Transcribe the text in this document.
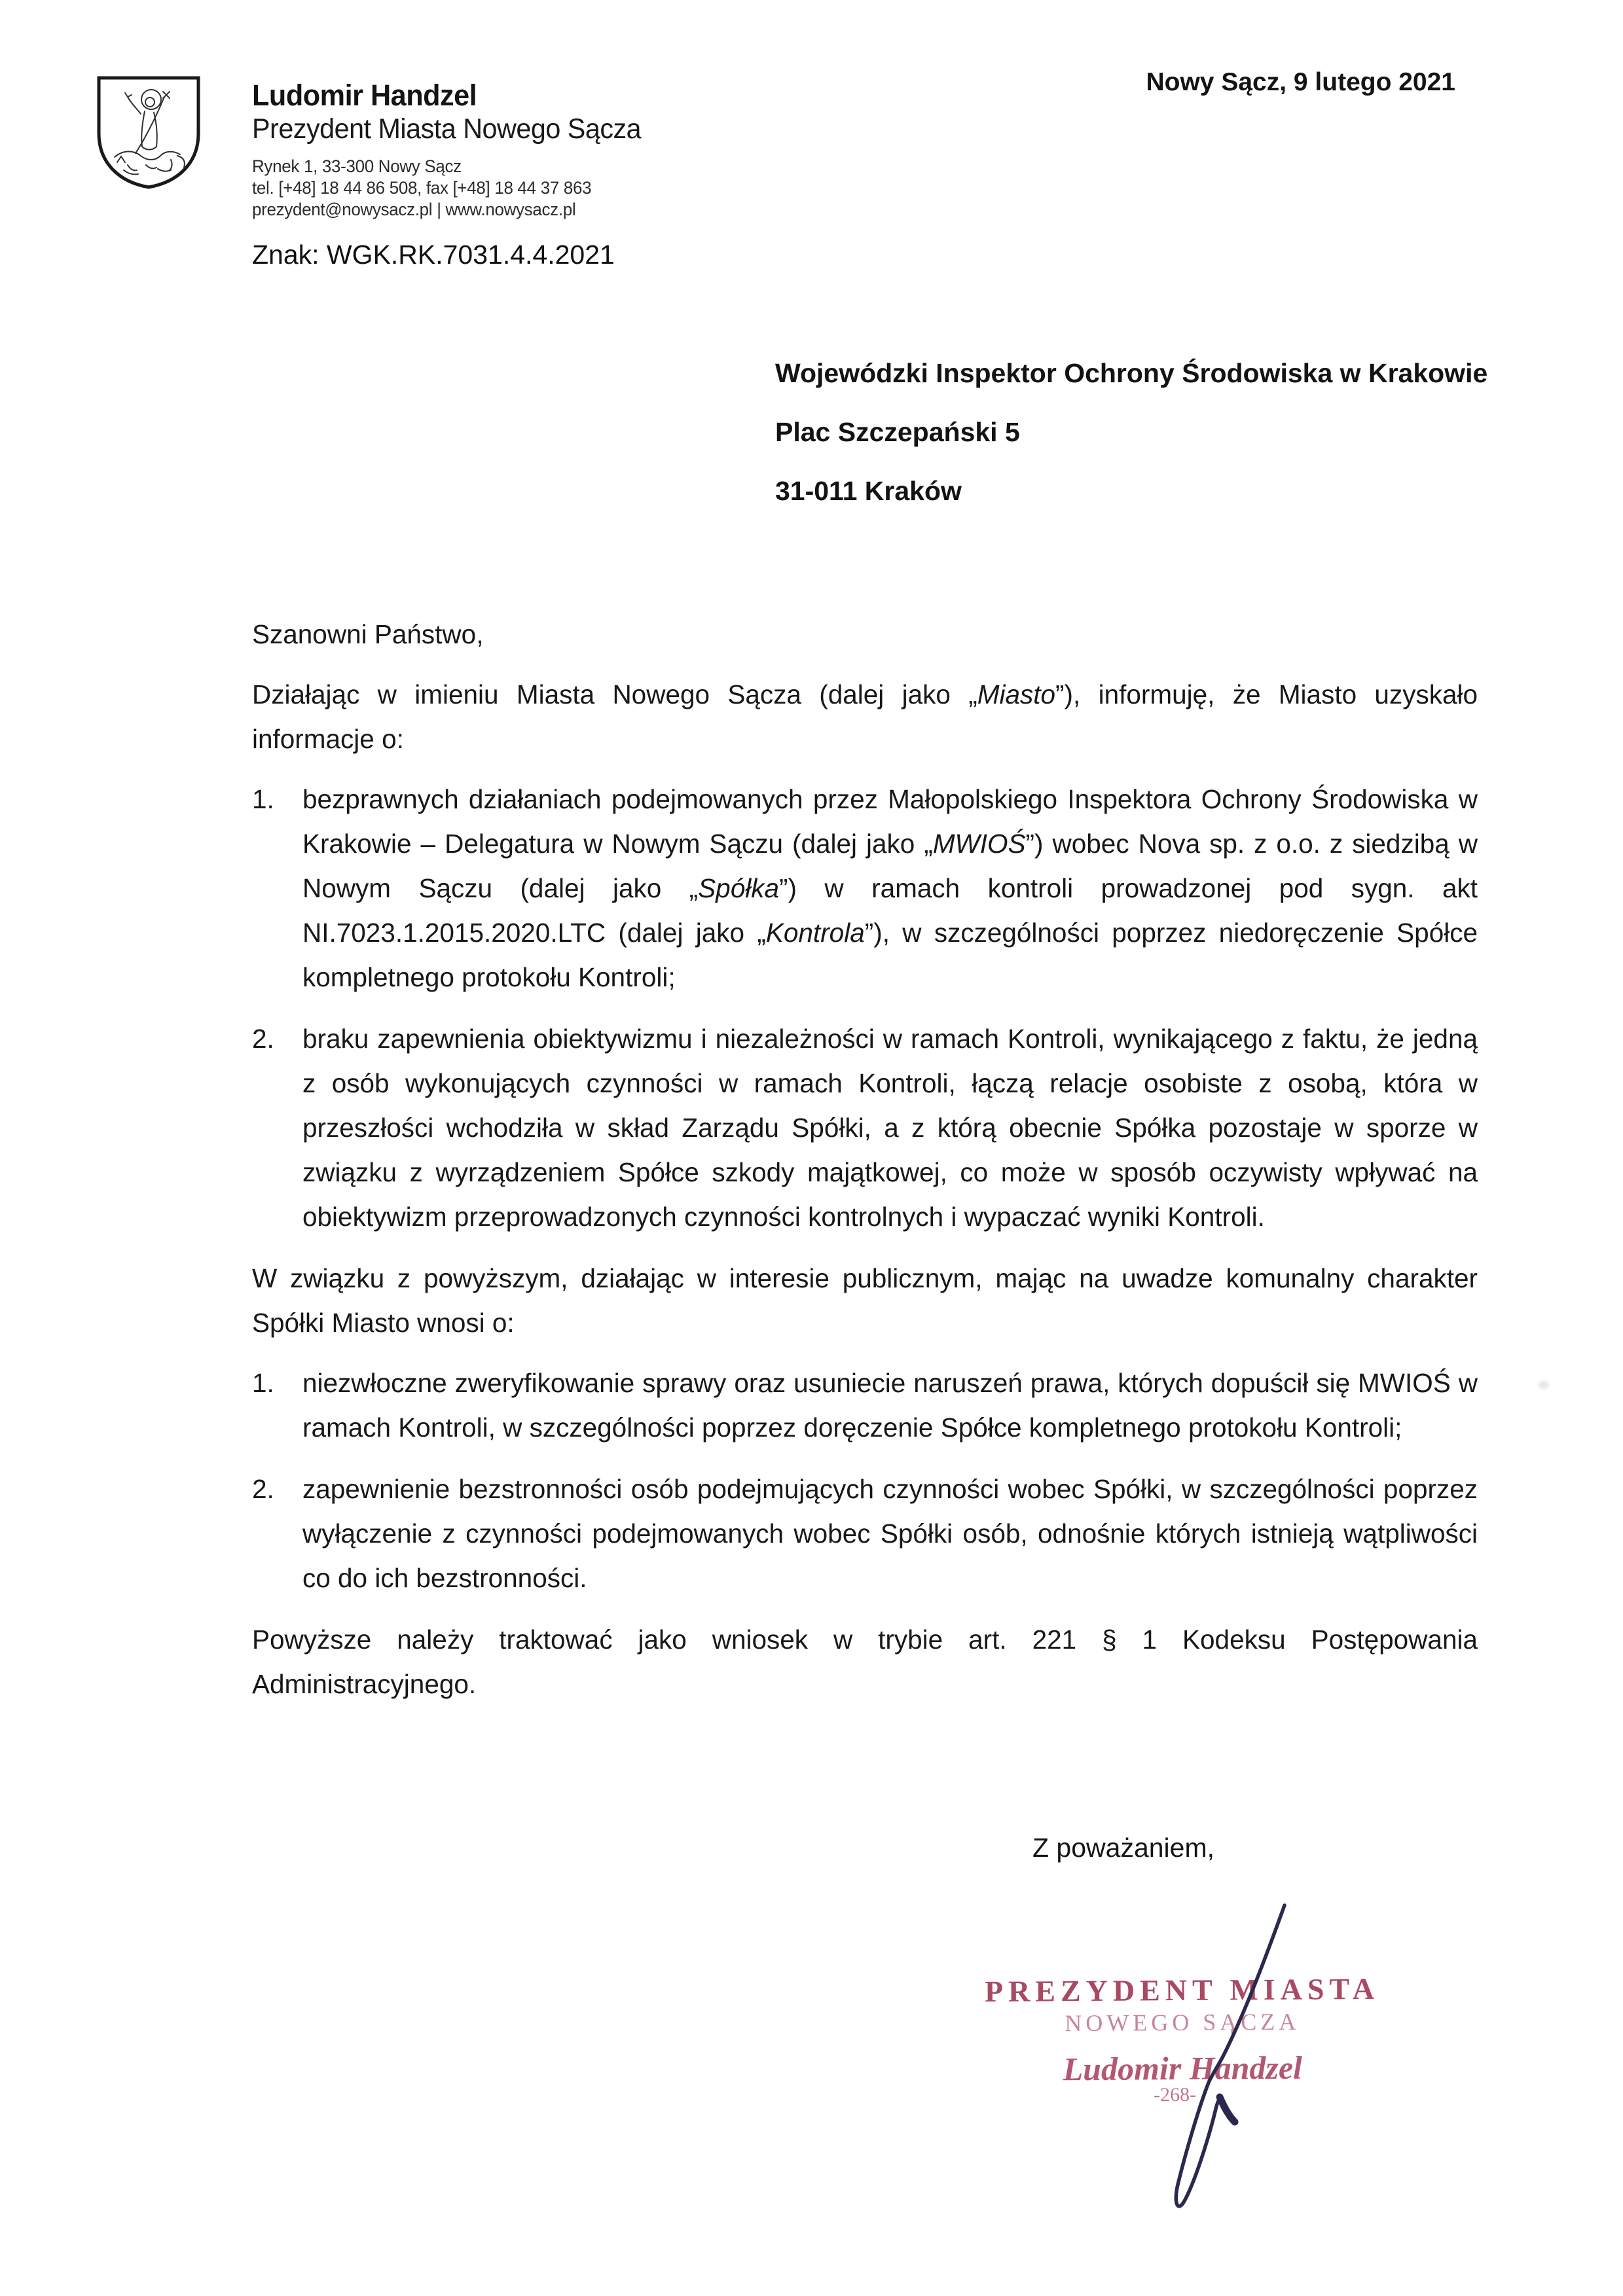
Ludomir Handzel
Prezydent Miasta Nowego Sącza
Rynek 1, 33-300 Nowy Sącz
tel. [+48] 18 44 86 508, fax [+48] 18 44 37 863
prezydent@nowysacz.pl | www.nowysacz.pl
Nowy Sącz, 9 lutego 2021
Znak: WGK.RK.7031.4.4.2021
Wojewódzki Inspektor Ochrony Środowiska w Krakowie
Plac Szczepański 5
31-011 Kraków

Szanowni Państwo,

Działając w imieniu Miasta Nowego Sącza (dalej jako „Miasto”), informuję, że Miasto uzyskało informacje o:

1.	bezprawnych działaniach podejmowanych przez Małopolskiego Inspektora Ochrony Środowiska w Krakowie – Delegatura w Nowym Sączu (dalej jako „MWIOŚ”) wobec Nova sp. z o.o. z siedzibą w Nowym Sączu (dalej jako „Spółka”) w ramach kontroli prowadzonej pod sygn. akt NI.7023.1.2015.2020.LTC (dalej jako „Kontrola”), w szczególności poprzez niedoręczenie Spółce kompletnego protokołu Kontroli;
2.	braku zapewnienia obiektywizmu i niezależności w ramach Kontroli, wynikającego z faktu, że jedną z osób wykonujących czynności w ramach Kontroli, łączą relacje osobiste z osobą, która w przeszłości wchodziła w skład Zarządu Spółki, a z którą obecnie Spółka pozostaje w sporze w związku z wyrządzeniem Spółce szkody majątkowej, co może w sposób oczywisty wpływać na obiektywizm przeprowadzonych czynności kontrolnych i wypaczać wyniki Kontroli.

W związku z powyższym, działając w interesie publicznym, mając na uwadze komunalny charakter Spółki Miasto wnosi o:

1.	niezwłoczne zweryfikowanie sprawy oraz usuniecie naruszeń prawa, których dopuścił się MWIOŚ w ramach Kontroli, w szczególności poprzez doręczenie Spółce kompletnego protokołu Kontroli;
2.	zapewnienie bezstronności osób podejmujących czynności wobec Spółki, w szczególności poprzez wyłączenie z czynności podejmowanych wobec Spółki osób, odnośnie których istnieją wątpliwości co do ich bezstronności.

Powyższe należy traktować jako wniosek w trybie art. 221 § 1 Kodeksu Postępowania Administracyjnego.

Z poważaniem,
PREZYDENT MIASTA
NOWEGO SĄCZA
Ludomir Handzel
-268-
